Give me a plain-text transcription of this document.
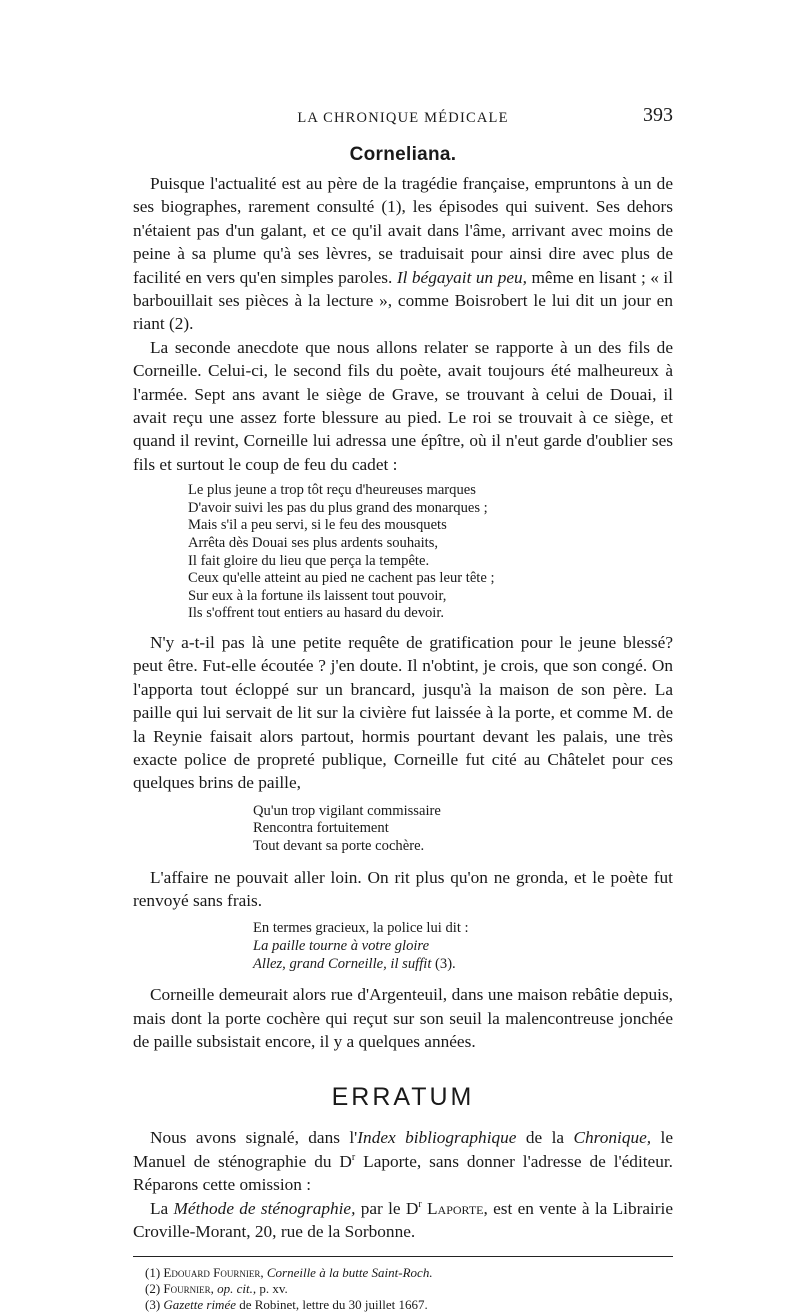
LA CHRONIQUE MÉDICALE	393
Corneliana.

Puisque l'actualité est au père de la tragédie française, empruntons à un de ses biographes, rarement consulté (1), les épisodes qui suivent. Ses dehors n'étaient pas d'un galant, et ce qu'il avait dans l'âme, arrivant avec moins de peine à sa plume qu'à ses lèvres, se traduisait pour ainsi dire avec plus de facilité en vers qu'en simples paroles. Il bégayait un peu, même en lisant ; « il barbouillait ses pièces à la lecture », comme Boisrobert le lui dit un jour en riant (2).

La seconde anecdote que nous allons relater se rapporte à un des fils de Corneille. Celui-ci, le second fils du poète, avait toujours été malheureux à l'armée. Sept ans avant le siège de Grave, se trouvant à celui de Douai, il avait reçu une assez forte blessure au pied. Le roi se trouvait à ce siège, et quand il revint, Corneille lui adressa une épître, où il n'eut garde d'oublier ses fils et surtout le coup de feu du cadet :

Le plus jeune a trop tôt reçu d'heureuses marques
D'avoir suivi les pas du plus grand des monarques ;
Mais s'il a peu servi, si le feu des mousquets
Arrêta dès Douai ses plus ardents souhaits,
Il fait gloire du lieu que perça la tempête.
Ceux qu'elle atteint au pied ne cachent pas leur tête ;
Sur eux à la fortune ils laissent tout pouvoir,
Ils s'offrent tout entiers au hasard du devoir.

N'y a-t-il pas là une petite requête de gratification pour le jeune blessé? peut être. Fut-elle écoutée ? j'en doute. Il n'obtint, je crois, que son congé. On l'apporta tout écloppé sur un brancard, jusqu'à la maison de son père. La paille qui lui servait de lit sur la civière fut laissée à la porte, et comme M. de la Reynie faisait alors partout, hormis pourtant devant les palais, une très exacte police de propreté publique, Corneille fut cité au Châtelet pour ces quelques brins de paille,

Qu'un trop vigilant commissaire
Rencontra fortuitement
Tout devant sa porte cochère.

L'affaire ne pouvait aller loin. On rit plus qu'on ne gronda, et le poète fut renvoyé sans frais.

En termes gracieux, la police lui dit :
La paille tourne à votre gloire
Allez, grand Corneille, il suffit (3).

Corneille demeurait alors rue d'Argenteuil, dans une maison rebâtie depuis, mais dont la porte cochère qui reçut sur son seuil la malencontreuse jonchée de paille subsistait encore, il y a quelques années.

ERRATUM

Nous avons signalé, dans l'Index bibliographique de la Chronique, le Manuel de sténographie du $D^r$ Laporte, sans donner l'adresse de l'éditeur. Réparons cette omission :

La Méthode de sténographie, par le $D^r$ Laporte, est en vente à la Librairie Croville-Morant, 20, rue de la Sorbonne.

(1) Edouard Fournier, Corneille à la butte Saint-Roch.
(2) Fournier, op. cit., p. xv.
(3) Gazette rimée de Robinet, lettre du 30 juillet 1667.
